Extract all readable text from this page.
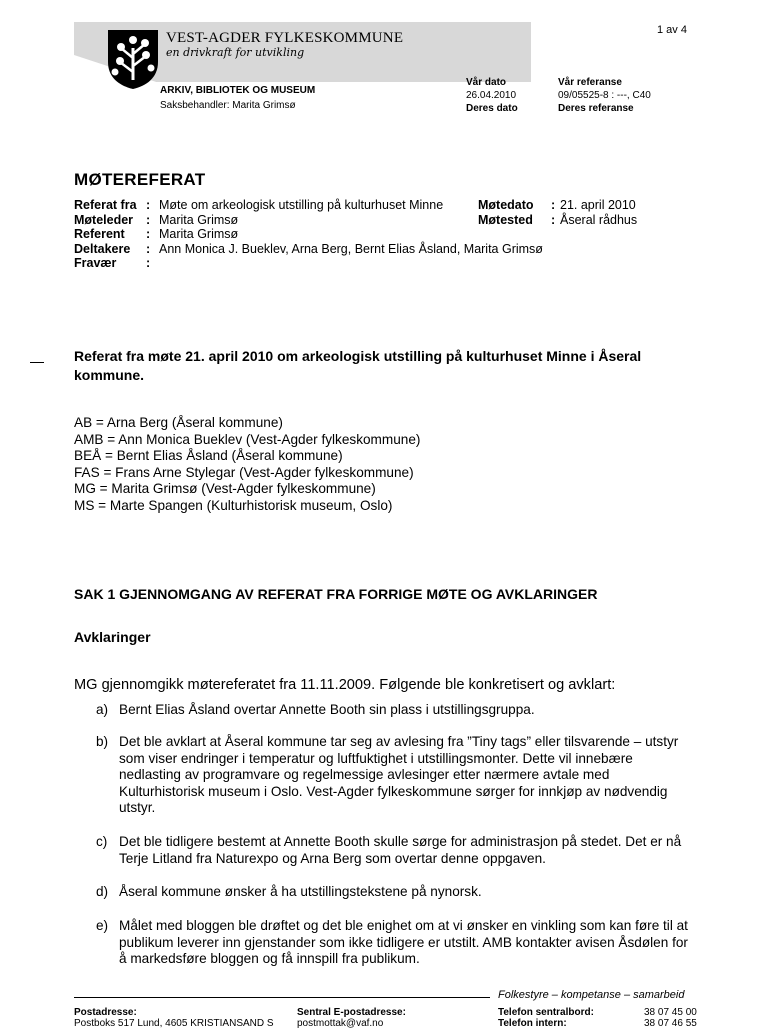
VEST-AGDER FYLKESKOMMUNE
en drivkraft for utvikling
1 av 4
ARKIV, BIBLIOTEK OG MUSEUM
Saksbehandler: Marita Grimsø
Vår dato
26.04.2010
Deres dato
Vår referanse
09/05525-8 : ---, C40
Deres referanse
MØTEREFERAT
Referat fra : Møte om arkeologisk utstilling på kulturhuset Minne	Møtedato : 21. april 2010
Møteleder : Marita Grimsø	Møtested : Åseral rådhus
Referent : Marita Grimsø
Deltakere : Ann Monica J. Bueklev, Arna Berg, Bernt Elias Åsland, Marita Grimsø
Fravær :
Referat fra møte 21. april 2010 om arkeologisk utstilling på kulturhuset Minne i Åseral kommune.
AB = Arna Berg (Åseral kommune)
AMB = Ann Monica Bueklev (Vest-Agder fylkeskommune)
BEÅ = Bernt Elias Åsland (Åseral kommune)
FAS = Frans Arne Stylegar (Vest-Agder fylkeskommune)
MG = Marita Grimsø (Vest-Agder fylkeskommune)
MS = Marte Spangen (Kulturhistorisk museum, Oslo)
SAK 1 GJENNOMGANG AV REFERAT FRA FORRIGE MØTE OG AVKLARINGER
Avklaringer
MG gjennomgikk møtereferatet fra 11.11.2009. Følgende ble konkretisert og avklart:
a) Bernt Elias Åsland overtar Annette Booth sin plass i utstillingsgruppa.
b) Det ble avklart at Åseral kommune tar seg av avlesing fra ”Tiny tags” eller tilsvarende – utstyr som viser endringer i temperatur og luftfuktighet i utstillingsmonter. Dette vil innebære nedlasting av programvare og regelmessige avlesinger etter nærmere avtale med Kulturhistorisk museum i Oslo. Vest-Agder fylkeskommune sørger for innkjøp av nødvendig utstyr.
c) Det ble tidligere bestemt at Annette Booth skulle sørge for administrasjon på stedet. Det er nå Terje Litland fra Naturexpo og Arna Berg som overtar denne oppgaven.
d) Åseral kommune ønsker å ha utstillingstekstene på nynorsk.
e) Målet med bloggen ble drøftet og det ble enighet om at vi ønsker en vinkling som kan føre til at publikum leverer inn gjenstander som ikke tidligere er utstilt. AMB kontakter avisen Åsdølen for å markedsføre bloggen og få innspill fra publikum.
Folkestyre – kompetanse – samarbeid
Postadresse:
Postboks 517 Lund, 4605 KRISTIANSAND S
Sentral E-postadresse:
postmottak@vaf.no
Telefon sentralbord:	38 07 45 00
Telefon intern:	38 07 46 55
